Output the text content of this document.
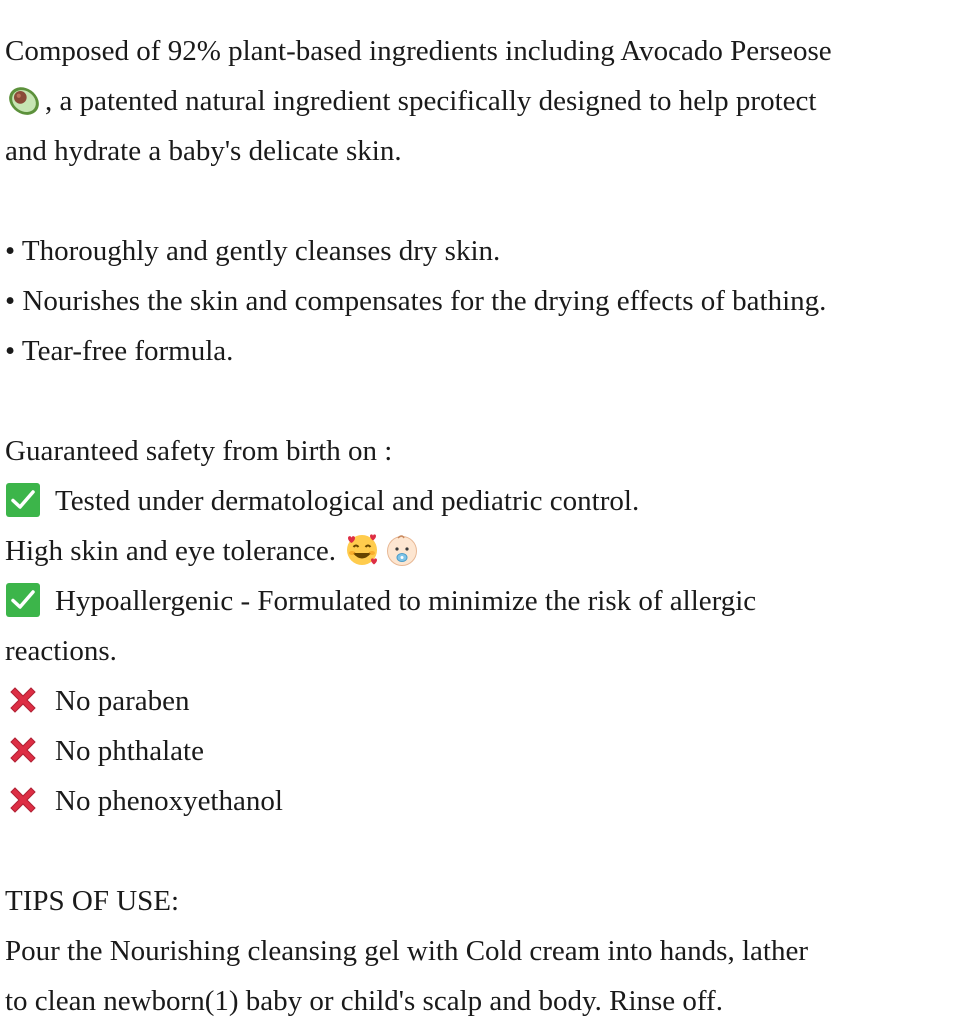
Composed of 92% plant-based ingredients including Avocado Perseose
, a patented natural ingredient specifically designed to help protect
and hydrate a baby's delicate skin.
• Thoroughly and gently cleanses dry skin.
• Nourishes the skin and compensates for the drying effects of bathing.
• Tear-free formula.
Guaranteed safety from birth on :
Tested under dermatological and pediatric control.
High skin and eye tolerance.
Hypoallergenic - Formulated to minimize the risk of allergic
reactions.
No paraben
No phthalate
No phenoxyethanol
TIPS OF USE:
Pour the Nourishing cleansing gel with Cold cream into hands, lather
to clean newborn(1) baby or child's scalp and body. Rinse off.
